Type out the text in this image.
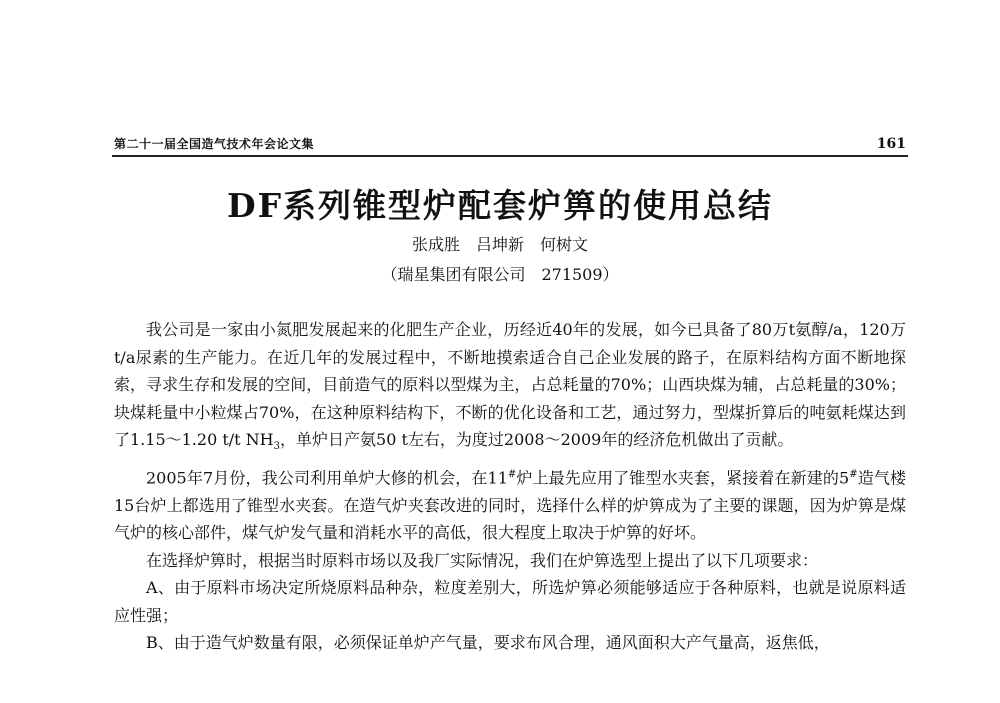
第二十一届全国造气技术年会论文集	161
DF系列锥型炉配套炉箅的使用总结
张成胜　吕坤新　何树文
（瑞星集团有限公司　271509）

我公司是一家由小氮肥发展起来的化肥生产企业，历经近40年的发展，如今已具备了80万t氨醇/a，120万t/a尿素的生产能力。在近几年的发展过程中，不断地摸索适合自己企业发展的路子，在原料结构方面不断地探索，寻求生存和发展的空间，目前造气的原料以型煤为主，占总耗量的70%；山西块煤为辅，占总耗量的30%；块煤耗量中小粒煤占70%，在这种原料结构下，不断的优化设备和工艺，通过努力，型煤折算后的吨氨耗煤达到了1.15～1.20 t/t $NH_3$，单炉日产氨50 t左右，为度过2008～2009年的经济危机做出了贡献。

2005年7月份，我公司利用单炉大修的机会，在11#炉上最先应用了锥型水夹套，紧接着在新建的5#造气楼15台炉上都选用了锥型水夹套。在造气炉夹套改进的同时，选择什么样的炉箅成为了主要的课题，因为炉箅是煤气炉的核心部件，煤气炉发气量和消耗水平的高低，很大程度上取决于炉箅的好坏。

在选择炉箅时，根据当时原料市场以及我厂实际情况，我们在炉箅选型上提出了以下几项要求：

A、由于原料市场决定所烧原料品种杂，粒度差别大，所选炉箅必须能够适应于各种原料，也就是说原料适应性强；

B、由于造气炉数量有限，必须保证单炉产气量，要求布风合理，通风面积大产气量高，返焦低，
